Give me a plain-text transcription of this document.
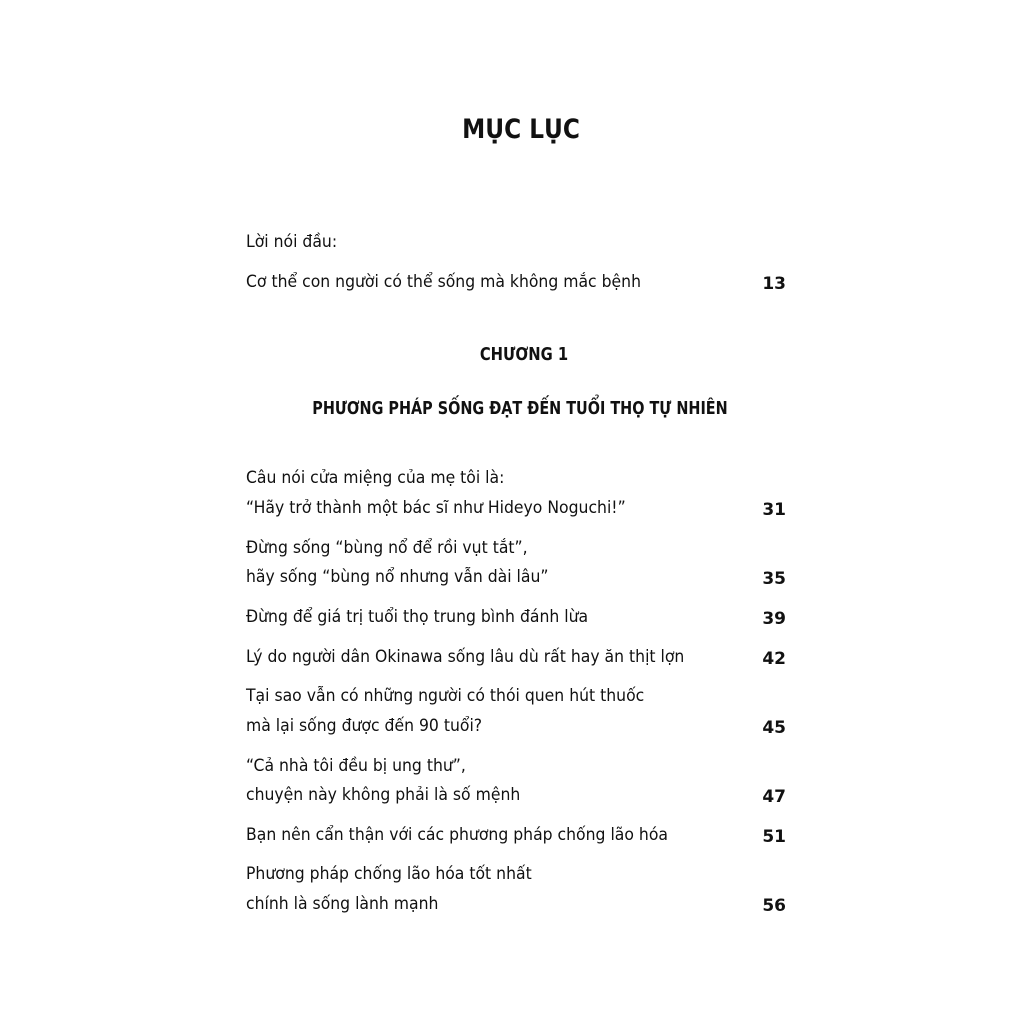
MỤC LỤC
Lời nói đầu:
Cơ thể con người có thể sống mà không mắc bệnh	13
CHƯƠNG 1
PHƯƠNG PHÁP SỐNG ĐẠT ĐẾN TUỔI THỌ TỰ NHIÊN
Câu nói cửa miệng của mẹ tôi là:
“Hãy trở thành một bác sĩ như Hideyo Noguchi!”	31
Đừng sống “bùng nổ để rồi vụt tắt”,
hãy sống “bùng nổ nhưng vẫn dài lâu”	35
Đừng để giá trị tuổi thọ trung bình đánh lừa	39
Lý do người dân Okinawa sống lâu dù rất hay ăn thịt lợn	42
Tại sao vẫn có những người có thói quen hút thuốc
mà lại sống được đến 90 tuổi?	45
“Cả nhà tôi đều bị ung thư”,
chuyện này không phải là số mệnh	47
Bạn nên cẩn thận với các phương pháp chống lão hóa	51
Phương pháp chống lão hóa tốt nhất
chính là sống lành mạnh	56
